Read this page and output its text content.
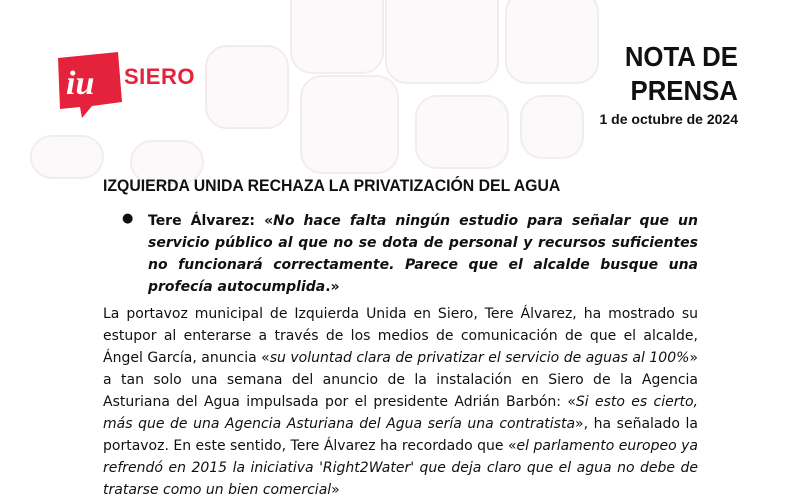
iu SIERO
NOTA DE
PRENSA
1 de octubre de 2024
IZQUIERDA UNIDA RECHAZA LA PRIVATIZACIÓN DEL AGUA
● Tere Álvarez: «No hace falta ningún estudio para señalar que un servicio público al que no se dota de personal y recursos suficientes no funcionará correctamente. Parece que el alcalde busque una profecía autocumplida.»
La portavoz municipal de Izquierda Unida en Siero, Tere Álvarez, ha mostrado su estupor al enterarse a través de los medios de comunicación de que el alcalde, Ángel García, anuncia «su voluntad clara de privatizar el servicio de aguas al 100%» a tan solo una semana del anuncio de la instalación en Siero de la Agencia Asturiana del Agua impulsada por el presidente Adrián Barbón: «Si esto es cierto, más que de una Agencia Asturiana del Agua sería una contratista», ha señalado la portavoz. En este sentido, Tere Álvarez ha recordado que «el parlamento europeo ya refrendó en 2015 la iniciativa 'Right2Water' que deja claro que el agua no debe de tratarse como un bien comercial»
